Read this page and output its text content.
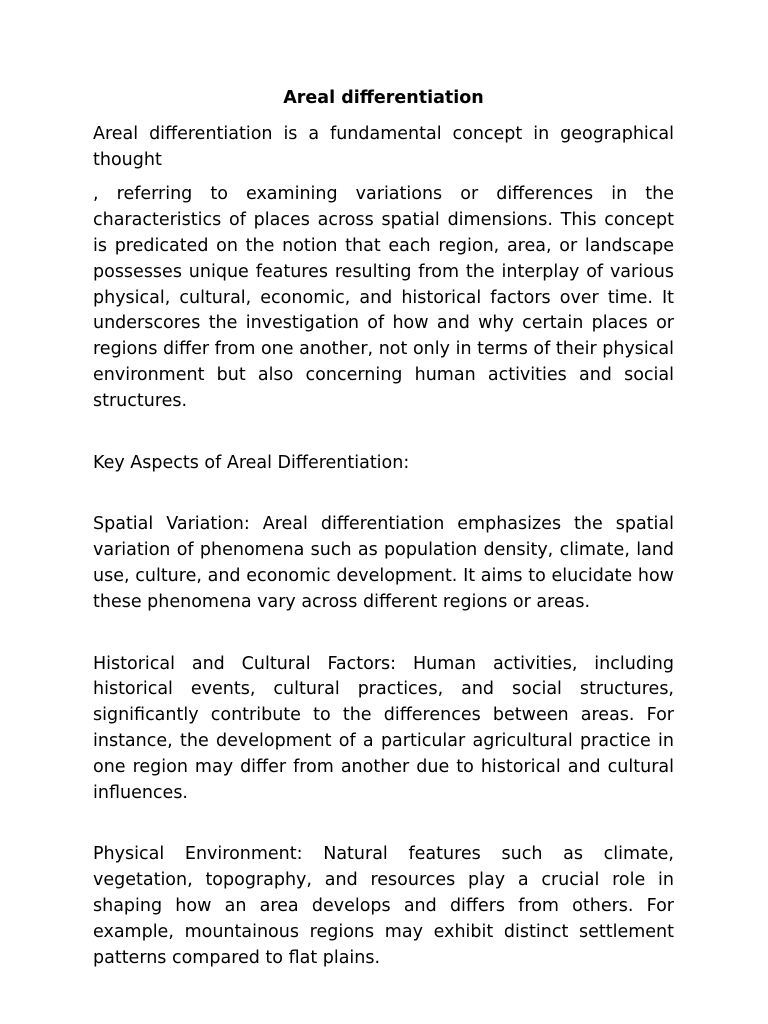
Areal differentiation

Areal differentiation is a fundamental concept in geographical thought

, referring to examining variations or differences in the characteristics of places across spatial dimensions. This concept is predicated on the notion that each region, area, or landscape possesses unique features resulting from the interplay of various physical, cultural, economic, and historical factors over time. It underscores the investigation of how and why certain places or regions differ from one another, not only in terms of their physical environment but also concerning human activities and social structures.

Key Aspects of Areal Differentiation:

Spatial Variation: Areal differentiation emphasizes the spatial variation of phenomena such as population density, climate, land use, culture, and economic development. It aims to elucidate how these phenomena vary across different regions or areas.

Historical and Cultural Factors: Human activities, including historical events, cultural practices, and social structures, significantly contribute to the differences between areas. For instance, the development of a particular agricultural practice in one region may differ from another due to historical and cultural influences.

Physical Environment: Natural features such as climate, vegetation, topography, and resources play a crucial role in shaping how an area develops and differs from others. For example, mountainous regions may exhibit distinct settlement patterns compared to flat plains.
